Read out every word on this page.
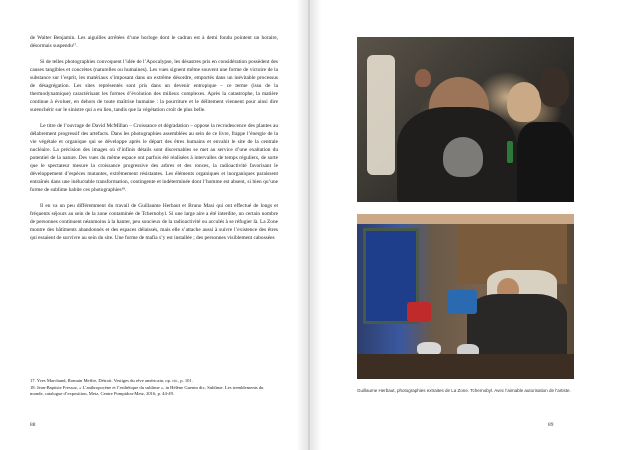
de Walter Benjamin. Les aiguilles arrêtées d’une horloge dont le cadran est à demi fondu pointent un horaire, désormais suspendu¹⁷.

Si de telles photographies convoquent l’idée de l’Apocalypse, les désastres pris en considération possèdent des causes tangibles et concrètes (naturelles ou humaines). Les vues signent même souvent une forme de victoire de la substance sur l’esprit, les matériaux s’imposant dans un extrême désordre, emportés dans un inévitable processus de désagrégation. Les sites représentés sont pris dans un devenir entropique – ce terme (issu de la thermodynamique) caractérisant les formes d’évolution des milieux complexes. Après la catastrophe, la matière continue à évoluer, en dehors de toute maîtrise humaine : la pourriture et le délitement viennent pour ainsi dire surenchérir sur le sinistre qui a eu lieu, tandis que la végétation croît de plus belle.

Le titre de l’ouvrage de David McMillan – Croissance et dégradation – oppose la recrudescence des plantes au délabrement progressif des artefacts. Dans les photographies assemblées au sein de ce livre, frappe l’énergie de la vie végétale et organique qui se développe après le départ des êtres humains et envahit le site de la centrale nucléaire. La précision des images où d’infinis détails sont discernables se met au service d’une exaltation du potentiel de la nature. Des vues du même espace ont parfois été réalisées à intervalles de temps réguliers, de sorte que le spectateur mesure la croissance progressive des arbres et des ronces, la radioactivité favorisant le développement d’espèces mutantes, extrêmement résistantes. Les éléments organiques et inorganiques paraissent entraînés dans une inéluctable transformation, contingente et indéterminée dont l’homme est absent, si bien qu’une forme de sublime habite ces photographies¹⁸.

Il en va un peu différemment du travail de Guillaume Herbaut et Bruno Masi qui ont effectué de longs et fréquents séjours au sein de la zone contaminée de Tchernobyl. Si une large aire a été interdite, un certain nombre de personnes continuent néanmoins à la hanter, peu soucieux de la radioactivité ou acculés à se réfugier là. La Zone montre des bâtiments abandonnés et des espaces délaissés, mais elle s’attache aussi à suivre l’existence des êtres qui essaient de survivre au sein du site. Une forme de mafia s’y est installée ; des personnes visiblement cabossées

17. Yves Marchand, Romain Meffre, Détroit. Vestiges du rêve américain, op. cit., p. 101.

18. Jean-Baptiste Fressoz, « L’anthropocène et l’esthétique du sublime », in Hélène Guenin dir., Sublime. Les tremblements du monde, catalogue d’exposition, Metz, Centre Pompidou-Metz, 2016, p. 44-49.

88	89
Guillaume Herbaut, photographies extraites de La Zone. Tchernobyl. Avec l’aimable autorisation de l’artiste.
